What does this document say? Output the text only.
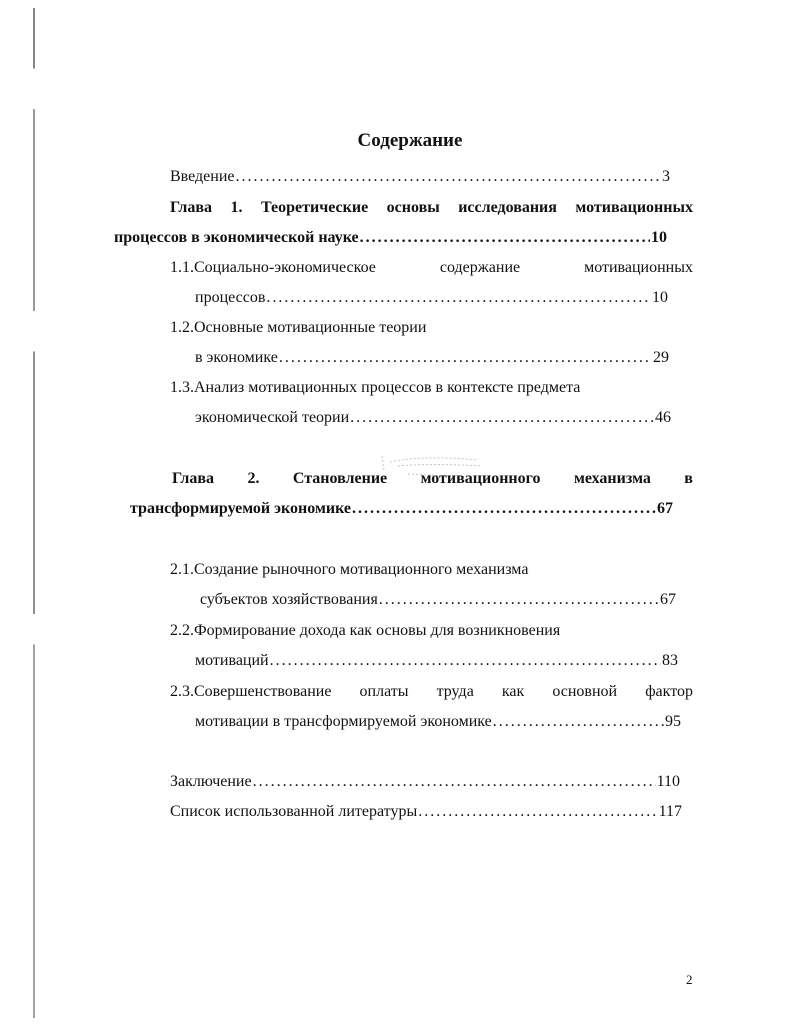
Содержание
Введение . . .	3
Глава 1. Теоретические основы исследования мотивационных
процессов в экономической науке . . .	10
1.1.Социально-экономическое	содержание	мотивационных
процессов . . .	10
1.2.Основные мотивационные теории
в экономике . . .	29
1.3.Анализ мотивационных процессов в контексте предмета
экономической теории . . .	46
Глава 2. Становление мотивационного механизма в
трансформируемой экономике . . .	67
2.1.Создание рыночного мотивационного механизма
субъектов хозяйствования . . .	67
2.2.Формирование дохода как основы для возникновения
мотиваций . . .	83
2.3.Совершенствование оплаты труда как основной фактор
мотивации в трансформируемой экономике . . .	95
Заключение . . .	110
Список использованной литературы . . .	117
2
